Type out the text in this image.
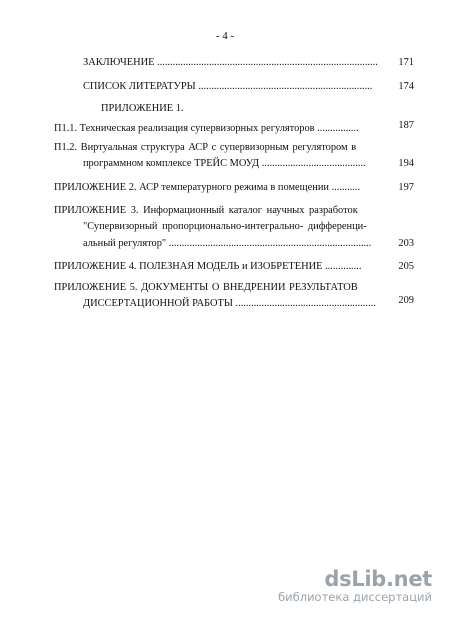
- 4 -
ЗАКЛЮЧЕНИЕ .....................................................................................	171
СПИСОК ЛИТЕРАТУРЫ ...................................................................	174
ПРИЛОЖЕНИЕ 1.
П1.1. Техническая реализация супервизорных регуляторов ................	187
П1.2. Виртуальная структура АСР с супервизорным регулятором в
программном комплексе ТРЕЙС МОУД ........................................	194
ПРИЛОЖЕНИЕ 2. АСР температурного режима в помещении ...........	197
ПРИЛОЖЕНИЕ 3. Информационный каталог научных разработок
"Супервизорный пропорционально-интегрально- дифференци-
альный регулятор" ..............................................................................	203
ПРИЛОЖЕНИЕ 4. ПОЛЕЗНАЯ МОДЕЛЬ и ИЗОБРЕТЕНИЕ ..............	205
ПРИЛОЖЕНИЕ 5. ДОКУМЕНТЫ О ВНЕДРЕНИИ РЕЗУЛЬТАТОВ
ДИССЕРТАЦИОННОЙ РАБОТЫ ......................................................	209
dsLib.net
библиотека диссертаций
